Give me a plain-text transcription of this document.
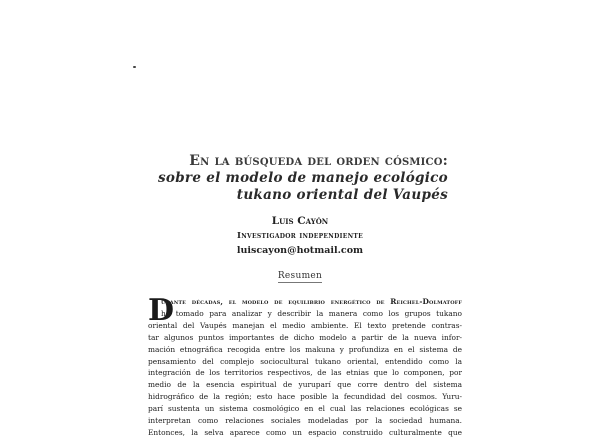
En la búsqueda del orden cósmico:
sobre el modelo de manejo ecológico
tukano oriental del Vaupés
Luis Cayón
Investigador independiente
luiscayon@hotmail.com
Resumen
D
urante décadas, el modelo de equilibrio energético de Reichel-Dolmatoff
ha tomado para analizar y describir la manera como los grupos tukano
oriental del Vaupés manejan el medio ambiente. El texto pretende contras-
tar algunos puntos importantes de dicho modelo a partir de la nueva infor-
mación etnográfica recogida entre los makuna y profundiza en el sistema de
pensamiento del complejo sociocultural tukano oriental, entendido como la
integración de los territorios respectivos, de las etnias que lo componen, por
medio de la esencia espiritual de yuruparí que corre dentro del sistema
hidrográfico de la región; esto hace posible la fecundidad del cosmos. Yuru-
parí sustenta un sistema cosmológico en el cual las relaciones ecológicas se
interpretan como relaciones sociales modeladas por la sociedad humana.
Entonces, la selva aparece como un espacio construido culturalmente que
